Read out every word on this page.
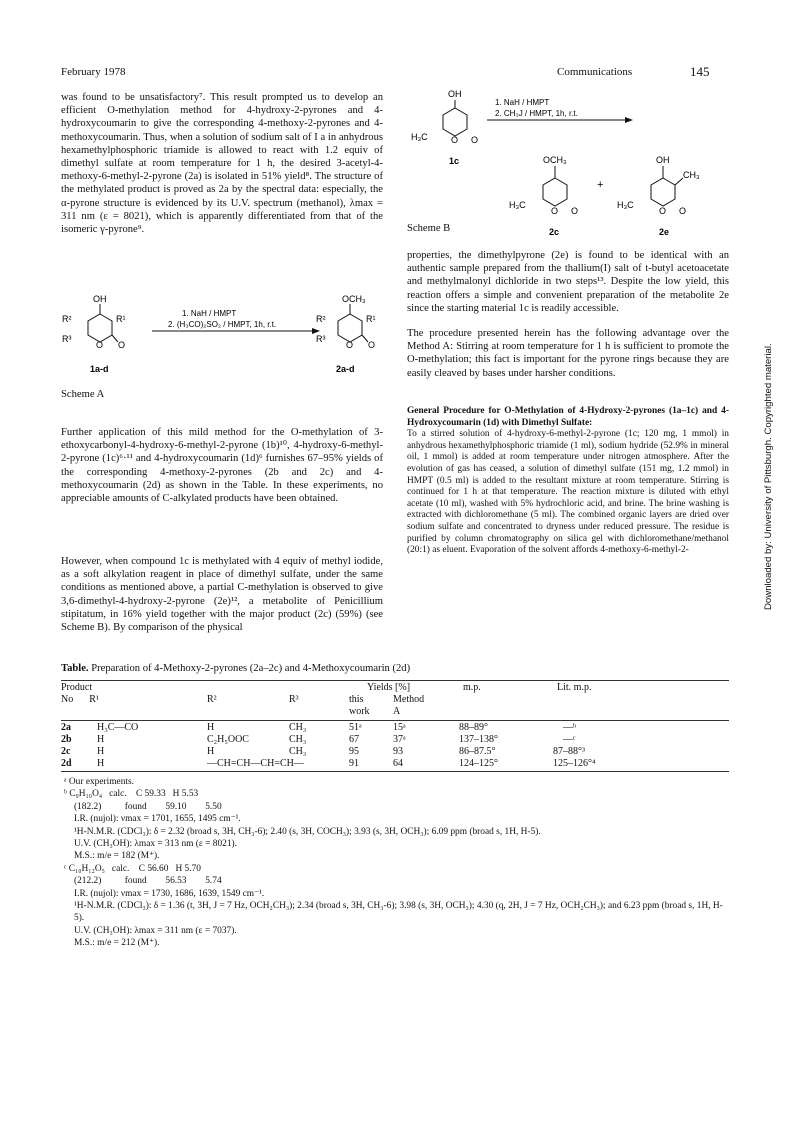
February 1978	Communications	145

was found to be unsatisfactory⁷. This result prompted us to develop an efficient O-methylation method for 4-hydroxy-2-pyrones and 4-hydroxycoumarin to give the corresponding 4-methoxy-2-pyrones and 4-methoxycoumarin. Thus, when a solution of sodium salt of I a in anhydrous hexamethylphosphoric triamide is allowed to react with 1.2 equiv of dimethyl sulfate at room temperature for 1 h, the desired 3-acetyl-4-methoxy-6-methyl-2-pyrone (2a) is isolated in 51% yield⁸. The structure of the methylated product is proved as 2a by the spectral data: especially, the α-pyrone structure is evidenced by its U.V. spectrum (methanol), λmax = 311 nm (ε = 8021), which is apparently differentiated from that of the isomeric γ-pyrone⁹.

OH
R²	R¹
R³
O O
1a-d
1. NaH / HMPT
2. (H₃CO)₂SO₂ / HMPT, 1h, r.t.
OCH₃
R²	R¹
R³
O O
2a-d
Scheme A

Further application of this mild method for the O-methylation of 3-ethoxycarbonyl-4-hydroxy-6-methyl-2-pyrone (1b)¹⁰, 4-hydroxy-6-methyl-2-pyrone (1c)⁶·¹¹ and 4-hydroxycoumarin (1d)⁶ furnishes 67–95% yields of the corresponding 4-methoxy-2-pyrones (2b and 2c) and 4-methoxycoumarin (2d) as shown in the Table. In these experiments, no appreciable amounts of C-alkylated products have been obtained.

However, when compound 1c is methylated with 4 equiv of methyl iodide, as a soft alkylation reagent in place of dimethyl sulfate, under the same conditions as mentioned above, a partial C-methylation is observed to give 3,6-dimethyl-4-hydroxy-2-pyrone (2e)¹², a metabolite of Penicillium stipitatum, in 16% yield together with the major product (2c) (59%) (see Scheme B). By comparison of the physical

OH
H₃C	O O
1c
1. NaH / HMPT
2. CH₃J / HMPT, 1h, r.t.
OCH₃
H₃C
O O
2c
+
OH
CH₃
H₃C
O O
2e
Scheme B

properties, the dimethylpyrone (2e) is found to be identical with an authentic sample prepared from the thallium(I) salt of t-butyl acetoacetate and methylmalonyl dichloride in two steps¹³. Despite the low yield, this reaction offers a simple and convenient preparation of the metabolite 2e since the starting material 1c is readily accessible.

The procedure presented herein has the following advantage over the Method A: Stirring at room temperature for 1 h is sufficient to promote the O-methylation; this fact is important for the pyrone rings because they are easily cleaved by bases under harsher conditions.

General Procedure for O-Methylation of 4-Hydroxy-2-pyrones (1a–1c) and 4-Hydroxycoumarin (1d) with Dimethyl Sulfate:

To a stirred solution of 4-hydroxy-6-methyl-2-pyrone (1c; 120 mg, 1 mmol) in anhydrous hexamethylphosphoric triamide (1 ml), sodium hydride (52.9% in mineral oil, 1 mmol) is added at room temperature under nitrogen atmosphere. After the evolution of gas has ceased, a solution of dimethyl sulfate (151 mg, 1.2 mmol) in HMPT (0.5 ml) is added to the resultant mixture at room temperature. Stirring is continued for 1 h at that temperature. The reaction mixture is diluted with ethyl acetate (10 ml), washed with 5% hydrochloric acid, and brine. The brine washing is extracted with dichloromethane (5 ml). The combined organic layers are dried over sodium sulfate and concentrated to dryness under reduced pressure. The residue is purified by column chromatography on silica gel with dichloromethane/methanol (20:1) as eluent. Evaporation of the solvent affords 4-methoxy-6-methyl-2-

Table. Preparation of 4-Methoxy-2-pyrones (2a–2c) and 4-Methoxycoumarin (2d)
Product				Yields [%]		m.p.	Lit. m.p.
No R¹		R²	R³	this	Method		
				work	A		
2a	H₃C—CO	H	CH₃	51ᵃ	15ᵃ	88–89°	—ᵇ
2b	H	C₂H₅OOC	CH₃	67	37ᵃ	137–138°	—ᶜ
2c	H	H	CH₃	95	93	86–87.5°	87–88°³
2d	H	—CH=CH—CH=CH—		91	64	124–125°	125–126°⁴
ᵃ Our experiments.
ᵇ C₉H₁₀O₄   calc.    C 59.33   H 5.53
(182.2)          found        59.10        5.50
I.R. (nujol): νmax = 1701, 1655, 1495 cm⁻¹.
¹H-N.M.R. (CDCl₃): δ = 2.32 (broad s, 3H, CH₃-6); 2.40 (s, 3H, COCH₃); 3.93 (s, 3H, OCH₃); 6.09 ppm (broad s, 1H, H-5).
U.V. (CH₃OH): λmax = 313 nm (ε = 8021).
M.S.: m/e = 182 (M⁺).
ᶜ C₁₀H₁₂O₅   calc.    C 56.60   H 5.70
(212.2)          found        56.53        5.74
I.R. (nujol): νmax = 1730, 1686, 1639, 1549 cm⁻¹.
¹H-N.M.R. (CDCl₃): δ = 1.36 (t, 3H, J = 7 Hz, OCH₂CH₃); 2.34 (broad s, 3H, CH₃-6); 3.98 (s, 3H, OCH₃); 4.30 (q, 2H, J = 7 Hz, OCH₂CH₃); and 6.23 ppm (broad s, 1H, H-5).
U.V. (CH₃OH): λmax = 311 nm (ε = 7037).
M.S.: m/e = 212 (M⁺).
Downloaded by: University of Pittsburgh. Copyrighted material.
